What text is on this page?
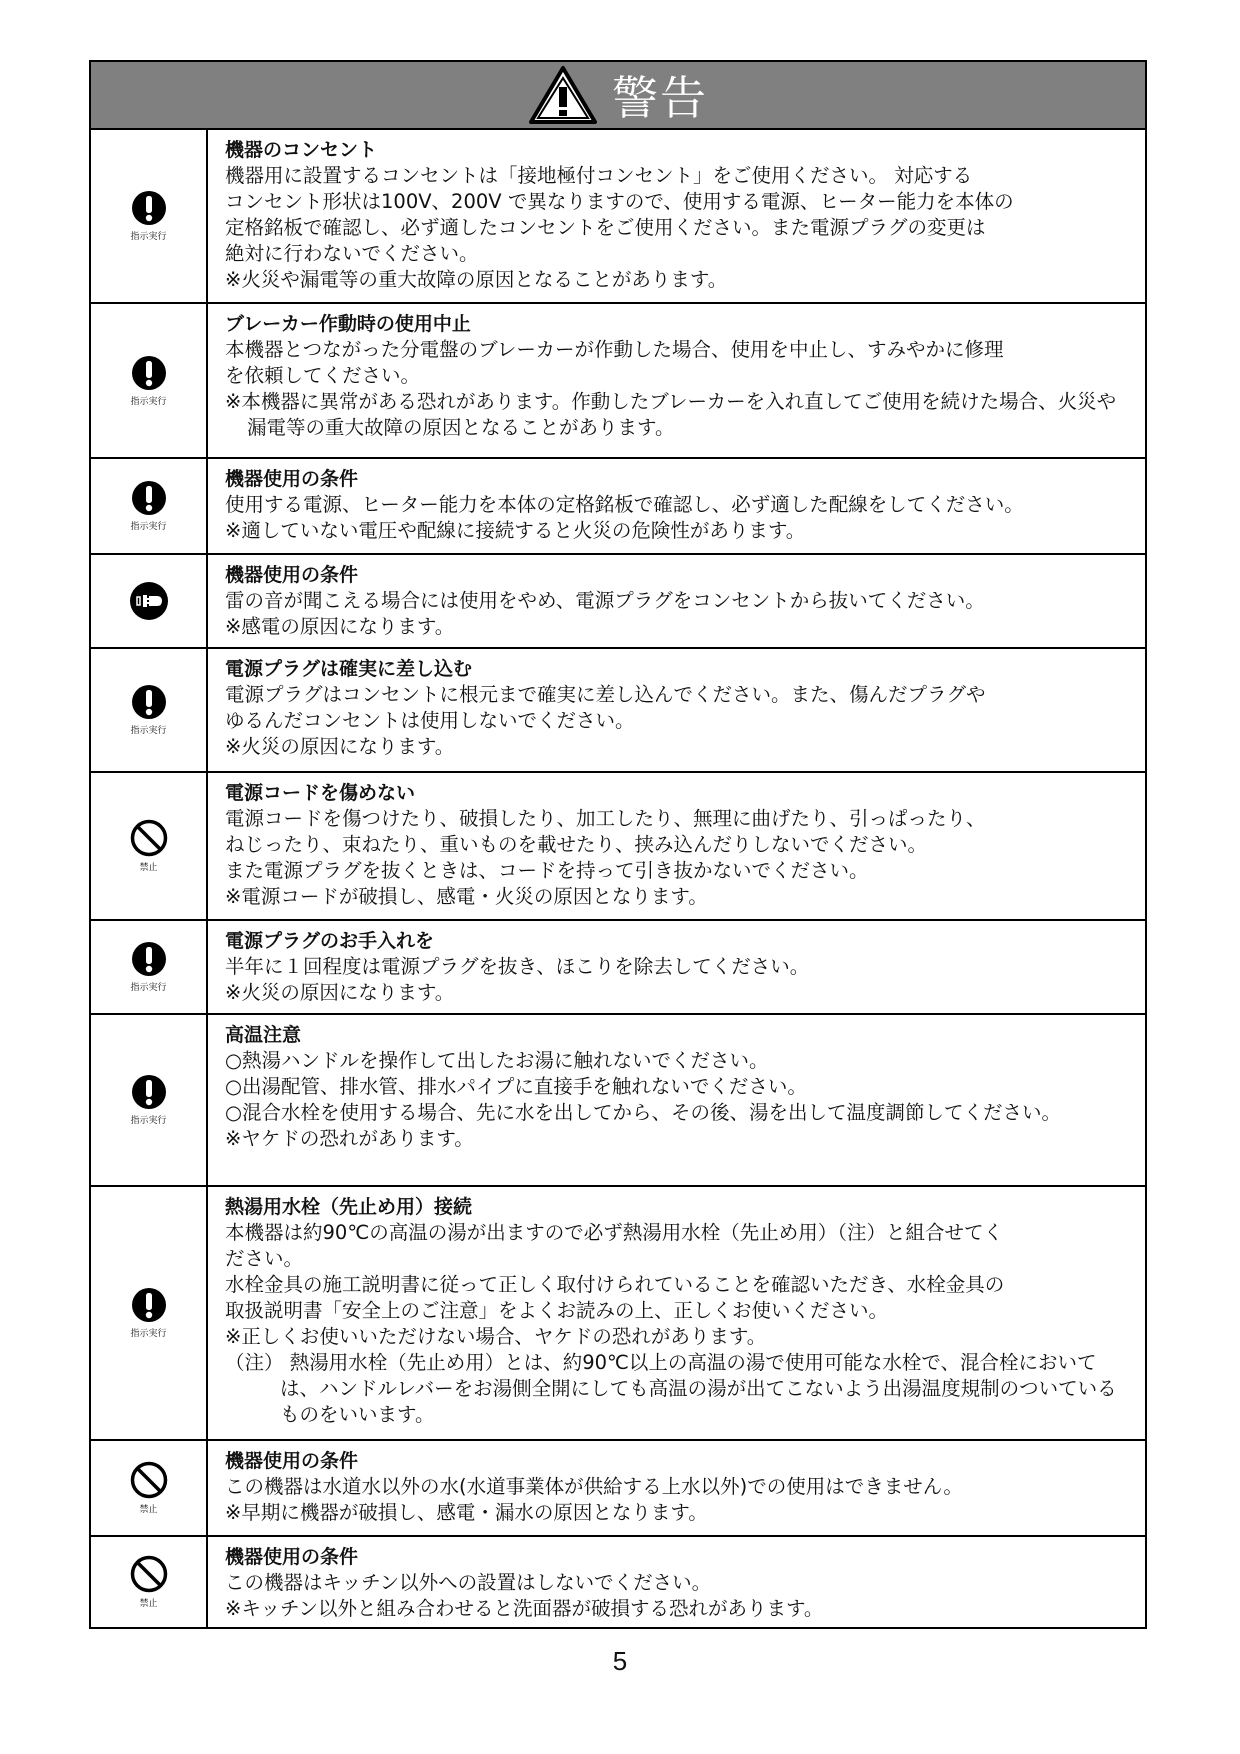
警告
指示実行
機器のコンセント
機器用に設置するコンセントは「接地極付コンセント」をご使用ください。 対応する
コンセント形状は100V、200V で異なりますので、使用する電源、ヒーター能力を本体の
定格銘板で確認し、必ず適したコンセントをご使用ください。また電源プラグの変更は
絶対に行わないでください。
※火災や漏電等の重大故障の原因となることがあります。
指示実行
ブレーカー作動時の使用中止
本機器とつながった分電盤のブレーカーが作動した場合、使用を中止し、すみやかに修理
を依頼してください。
※本機器に異常がある恐れがあります。作動したブレーカーを入れ直してご使用を続けた場合、火災や漏電等の重大故障の原因となることがあります。
指示実行
機器使用の条件
使用する電源、ヒーター能力を本体の定格銘板で確認し、必ず適した配線をしてください。
※適していない電圧や配線に接続すると火災の危険性があります。
機器使用の条件
雷の音が聞こえる場合には使用をやめ、電源プラグをコンセントから抜いてください。
※感電の原因になります。
指示実行
電源プラグは確実に差し込む
電源プラグはコンセントに根元まで確実に差し込んでください。また、傷んだプラグや
ゆるんだコンセントは使用しないでください。
※火災の原因になります。
禁止
電源コードを傷めない
電源コードを傷つけたり、破損したり、加工したり、無理に曲げたり、引っぱったり、
ねじったり、束ねたり、重いものを載せたり、挟み込んだりしないでください。
また電源プラグを抜くときは、コードを持って引き抜かないでください。
※電源コードが破損し、感電・火災の原因となります。
指示実行
電源プラグのお手入れを
半年に１回程度は電源プラグを抜き、ほこりを除去してください。
※火災の原因になります。
指示実行
高温注意
○熱湯ハンドルを操作して出したお湯に触れないでください。
○出湯配管、排水管、排水パイプに直接手を触れないでください。
○混合水栓を使用する場合、先に水を出してから、その後、湯を出して温度調節してください。
※ヤケドの恐れがあります。
指示実行
熱湯用水栓（先止め用）接続
本機器は約90℃の高温の湯が出ますので必ず熱湯用水栓（先止め用）（注）と組合せてく
ださい。
水栓金具の施工説明書に従って正しく取付けられていることを確認いただき、水栓金具の
取扱説明書「安全上のご注意」をよくお読みの上、正しくお使いください。
※正しくお使いいただけない場合、ヤケドの恐れがあります。
（注） 熱湯用水栓（先止め用）とは、約90℃以上の高温の湯で使用可能な水栓で、混合栓においては、ハンドルレバーをお湯側全開にしても高温の湯が出てこないよう出湯温度規制のついているものをいいます。
禁止
機器使用の条件
この機器は水道水以外の水(水道事業体が供給する上水以外)での使用はできません。
※早期に機器が破損し、感電・漏水の原因となります。
禁止
機器使用の条件
この機器はキッチン以外への設置はしないでください。
※キッチン以外と組み合わせると洗面器が破損する恐れがあります。
5
